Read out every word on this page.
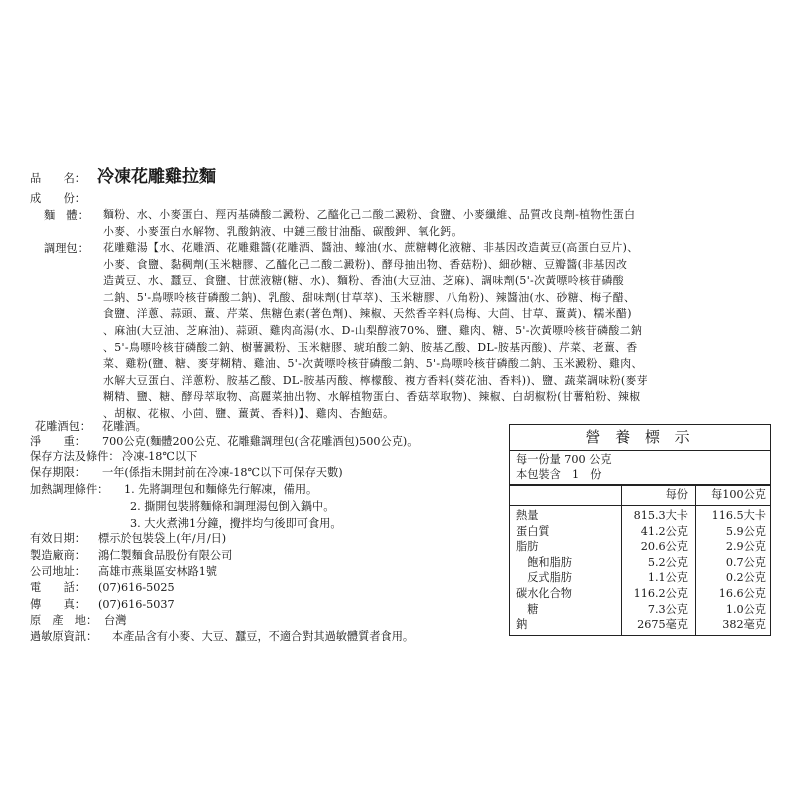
品　　名： 冷凍花雕雞拉麵
成　　份：
麵　體： 麵粉、水、小麥蛋白、羥丙基磷酸二澱粉、乙醯化己二酸二澱粉、食鹽、小麥纖維、品質改良劑-植物性蛋白
小麥、小麥蛋白水解物、乳酸鈉液、中鏈三酸甘油酯、碳酸鉀、氧化鈣。
調理包： 花雕雞湯【水、花雕酒、花雕雞醬(花雕酒、醬油、蠔油(水、蔗糖轉化液糖、非基因改造黃豆(高蛋白豆片)、
小麥、食鹽、黏稠劑(玉米糖膠、乙醯化己二酸二澱粉)、酵母抽出物、香菇粉)、細砂糖、豆瓣醬(非基因改
造黃豆、水、蠶豆、食鹽、甘蔗液糖(糖、水)、麵粉、香油(大豆油、芝麻)、調味劑(5'-次黃嘌呤核苷磷酸
二鈉、5'-鳥嘌呤核苷磷酸二鈉)、乳酸、甜味劑(甘草萃)、玉米糖膠、八角粉)、辣醬油(水、砂糖、梅子醋、
食鹽、洋蔥、蒜頭、薑、芹菜、焦糖色素(著色劑)、辣椒、天然香辛料(烏梅、大茴、甘草、薑黃)、糯米醋)
、麻油(大豆油、芝麻油)、蒜頭、雞肉高湯(水、D-山梨醇液70%、鹽、雞肉、糖、5'-次黃嘌呤核苷磷酸二鈉
、5'-鳥嘌呤核苷磷酸二鈉、樹薯澱粉、玉米糖膠、琥珀酸二鈉、胺基乙酸、DL-胺基丙酸)、芹菜、老薑、香
菜、雞粉(鹽、糖、麥芽糊精、雞油、5'-次黃嘌呤核苷磷酸二鈉、5'-鳥嘌呤核苷磷酸二鈉、玉米澱粉、雞肉、
水解大豆蛋白、洋蔥粉、胺基乙酸、DL-胺基丙酸、檸檬酸、複方香料(葵花油、香料))、鹽、蔬菜調味粉(麥芽
糊精、鹽、糖、酵母萃取物、高麗菜抽出物、水解植物蛋白、香菇萃取物)、辣椒、白胡椒粉(甘薯粕粉、辣椒
、胡椒、花椒、小茴、鹽、薑黃、香料)】、雞肉、杏鮑菇。
花雕酒包： 花雕酒。
淨　　重： 700公克(麵體200公克、花雕雞調理包(含花雕酒包)500公克)。
保存方法及條件： 冷凍-18℃以下
保存期限： 一年(係指未開封前在冷凍-18℃以下可保存天數)
加熱調理條件： 1. 先將調理包和麵條先行解凍，備用。
2. 撕開包裝將麵條和調理湯包倒入鍋中。
3. 大火煮沸1分鐘，攪拌均勻後即可食用。
有效日期： 標示於包裝袋上(年/月/日)
製造廠商： 鴻仁製麵食品股份有限公司
公司地址： 高雄市燕巢區安林路1號
電　　話： (07)616-5025
傳　　真： (07)616-5037
原　產　地： 台灣
過敏原資訊： 本產品含有小麥、大豆、蠶豆，不適合對其過敏體質者食用。
營 養 標 示
每一份量 700 公克
本包裝含　1　份
每份 每100公克
熱量	815.3大卡 116.5大卡
蛋白質	41.2公克	5.9公克
脂肪	20.6公克	2.9公克
　飽和脂肪	5.2公克	0.7公克
　反式脂肪	1.1公克	0.2公克
碳水化合物	116.2公克	16.6公克
　糖	7.3公克	1.0公克
鈉	2675毫克	382毫克
